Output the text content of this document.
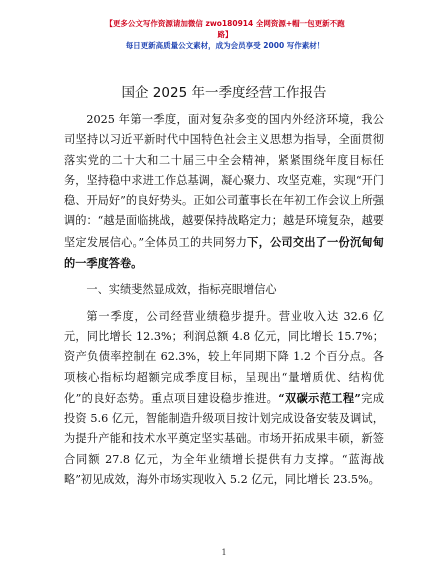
【更多公文写作资源请加微信 zwo180914 全网资源+帽一包更新不跑路】
每日更新高质量公文素材，成为会员享受 2000 写作素材！
国企 2025 年一季度经营工作报告

2025 年第一季度，面对复杂多变的国内外经济环境，我公司坚持以习近平新时代中国特色社会主义思想为指导，全面贯彻落实党的二十大和二十届三中全会精神，紧紧围绕年度目标任务，坚持稳中求进工作总基调，凝心聚力、攻坚克难，实现“开门稳、开局好”的良好势头。正如公司董事长在年初工作会议上所强调的：“越是面临挑战，越要保持战略定力；越是环境复杂，越要坚定发展信心。”全体员工的共同努力下，公司交出了一份沉甸甸的一季度答卷。

一、实绩斐然显成效，指标亮眼增信心

第一季度，公司经营业绩稳步提升。营业收入达 32.6 亿元，同比增长 12.3%；利润总额 4.8 亿元，同比增长 15.7%；资产负债率控制在 62.3%，较上年同期下降 1.2 个百分点。各项核心指标均超额完成季度目标，呈现出“量增质优、结构优化”的良好态势。重点项目建设稳步推进。“双碳示范工程”完成投资 5.6 亿元，智能制造升级项目按计划完成设备安装及调试，为提升产能和技术水平奠定坚实基础。市场开拓成果丰硕，新签合同额 27.8 亿元，为全年业绩增长提供有力支撑。“蓝海战略”初见成效，海外市场实现收入 5.2 亿元，同比增长 23.5%。

1
